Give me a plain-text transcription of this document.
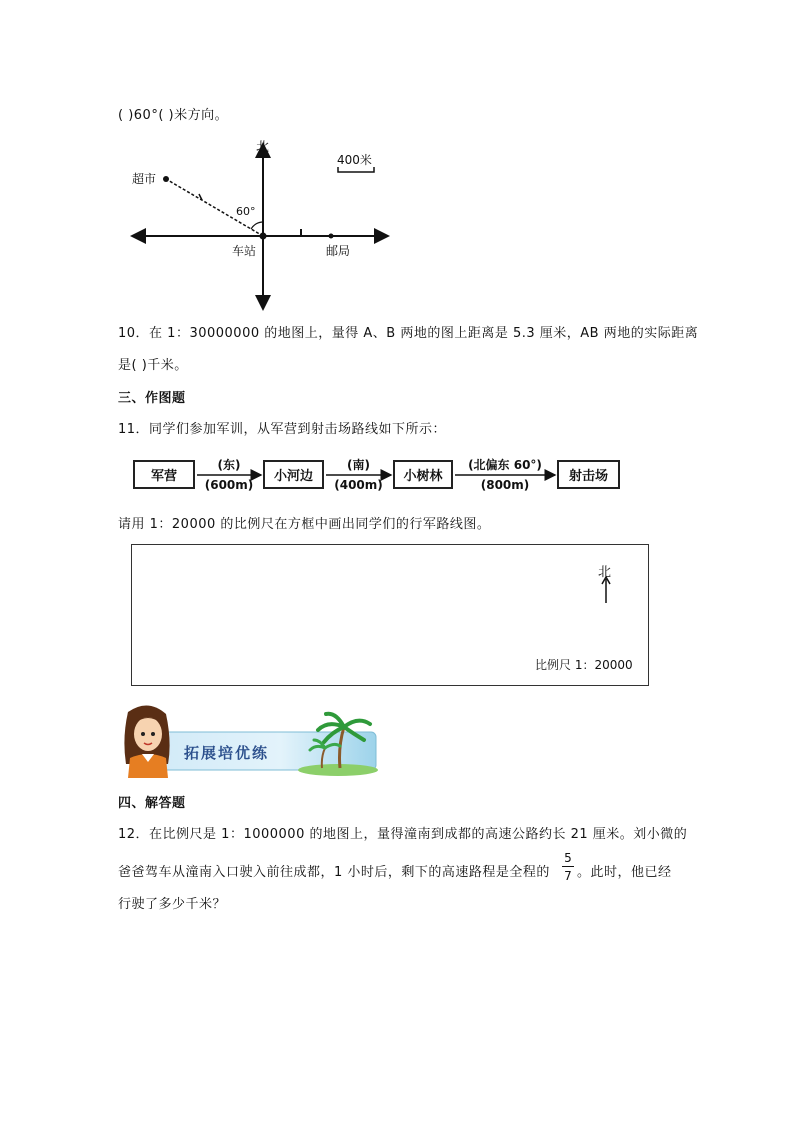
( )60°( )米方向。
北
400米
超市
60°
车站	邮局
10．在 1：30000000 的地图上，量得 A、B 两地的图上距离是 5.3 厘米，AB 两地的实际距离
是( )千米。
三、作图题
11．同学们参加军训，从军营到射击场路线如下所示：
军营	小河边	小树林	射击场
(东)
(600m)
(南)
(400m)
(北偏东 60°)
(800m)
请用 1：20000 的比例尺在方框中画出同学们的行军路线图。
北
比例尺 1：20000
拓展培优练
四、解答题
12．在比例尺是 1：1000000 的地图上，量得潼南到成都的高速公路约长 21 厘米。刘小微的
爸爸驾车从潼南入口驶入前往成都，1 小时后，剩下的高速路程是全程的
5
7 。此时，他已经
行驶了多少千米？
